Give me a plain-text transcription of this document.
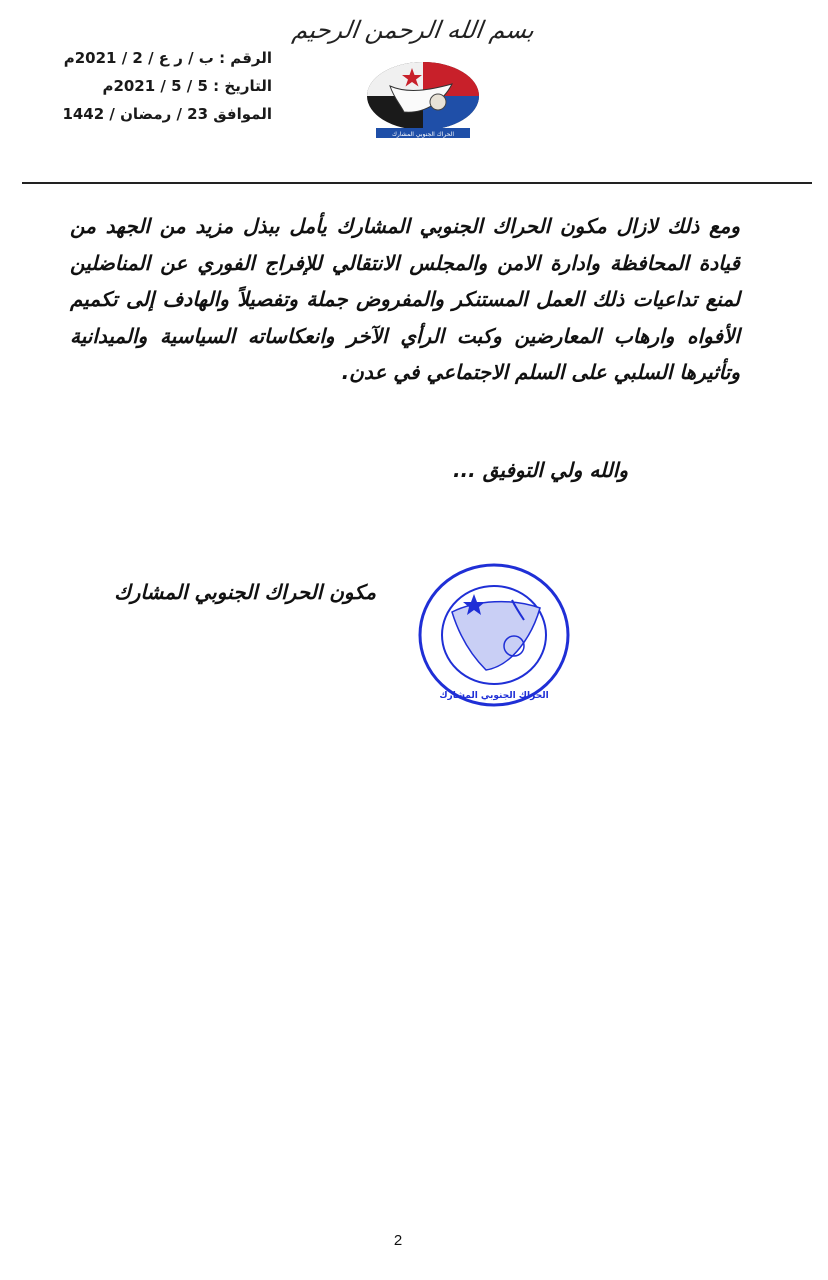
بسم الله الرحمن الرحيم
الحراك الجنوبي المشارك
الرقم : ب / ر ع / 2 / 2021م
التاريخ : 5 / 5 / 2021م
الموافق 23 / رمضان / 1442
ومع ذلك لازال مكون الحراك الجنوبي المشارك يأمل ببذل مزيد من الجهد من قيادة المحافظة وادارة الامن والمجلس الانتقالي للإفراج الفوري عن المناضلين لمنع تداعيات ذلك العمل المستنكر والمفروض جملة وتفصيلاً والهادف إلى تكميم الأفواه وارهاب المعارضين وكبت الرأي الآخر وانعكاساته السياسية والميدانية وتأثيرها السلبي على السلم الاجتماعي في عدن.
والله ولي التوفيق ...
مكون الحراك الجنوبي المشارك
الحراك الجنوبي المشارك
2
